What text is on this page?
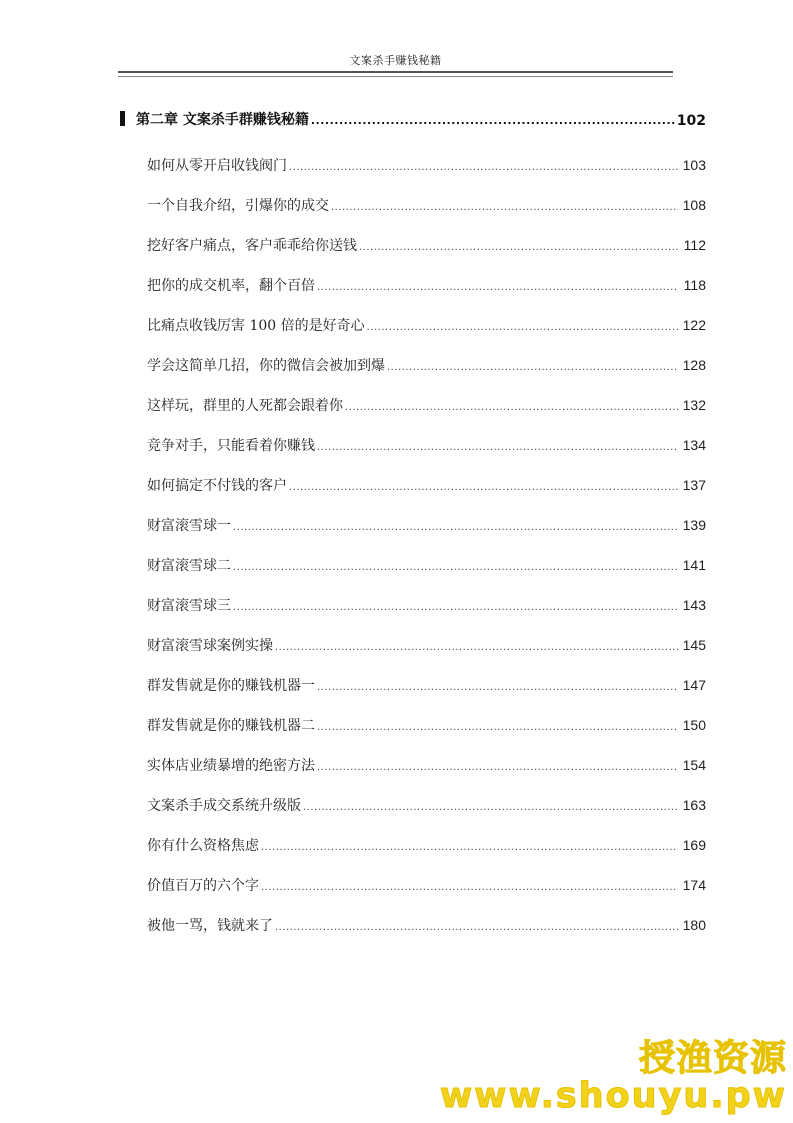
文案杀手赚钱秘籍
第二章 文案杀手群赚钱秘籍 .....	102
如何从零开启收钱阀门 .....	103
一个自我介绍，引爆你的成交 .....	108
挖好客户痛点，客户乖乖给你送钱 .....	112
把你的成交机率，翻个百倍 .....	118
比痛点收钱厉害 100 倍的是好奇心 .....	122
学会这简单几招，你的微信会被加到爆 .....	128
这样玩，群里的人死都会跟着你 .....	132
竞争对手，只能看着你赚钱 .....	134
如何搞定不付钱的客户 .....	137
财富滚雪球一 .....	139
财富滚雪球二 .....	141
财富滚雪球三 .....	143
财富滚雪球案例实操 .....	145
群发售就是你的赚钱机器一 .....	147
群发售就是你的赚钱机器二 .....	150
实体店业绩暴增的绝密方法 .....	154
文案杀手成交系统升级版 .....	163
你有什么资格焦虑 .....	169
价值百万的六个字 .....	174
被他一骂，钱就来了 .....	180
授渔资源
www.shouyu.pw
